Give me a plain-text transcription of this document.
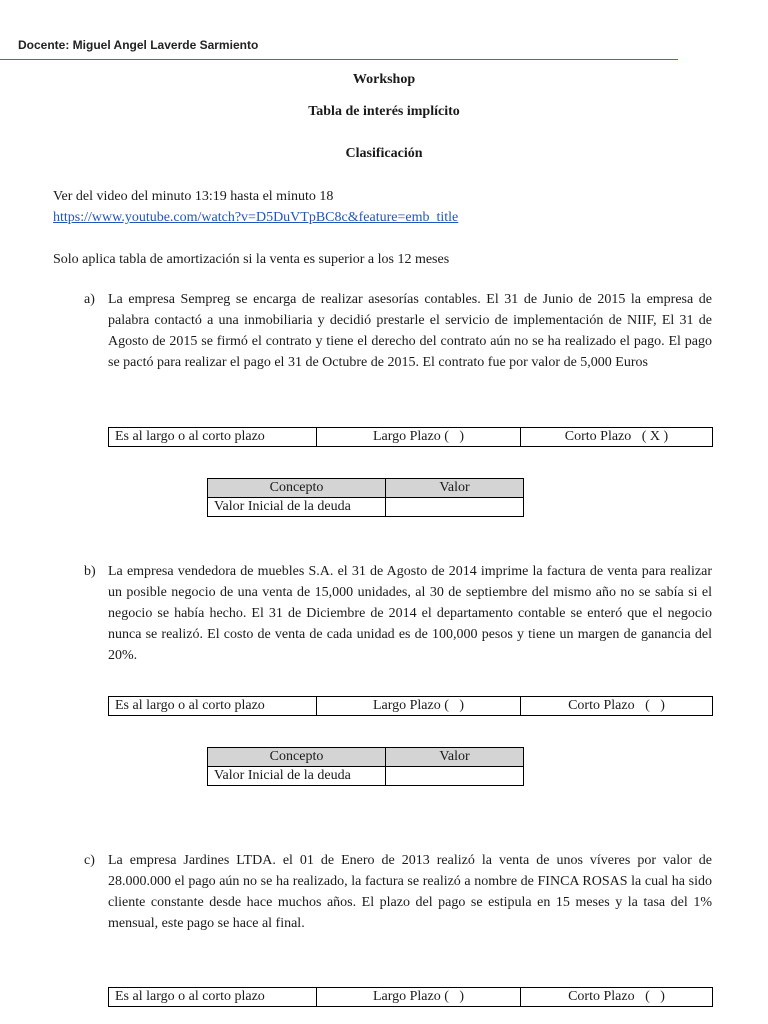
Docente: Miguel Angel Laverde Sarmiento
Workshop
Tabla de interés implícito
Clasificación
Ver del video del minuto 13:19 hasta el minuto 18
https://www.youtube.com/watch?v=D5DuVTpBC8c&feature=emb_title
Solo aplica tabla de amortización si la venta es superior a los 12 meses
a) La empresa Sempreg se encarga de realizar asesorías contables. El 31 de Junio de 2015 la empresa de palabra contactó a una inmobiliaria y decidió prestarle el servicio de implementación de NIIF, El 31 de Agosto de 2015 se firmó el contrato y tiene el derecho del contrato aún no se ha realizado el pago. El pago se pactó para realizar el pago el 31 de Octubre de 2015. El contrato fue por valor de 5,000 Euros
Es al largo o al corto plazo	Largo Plazo (   )	Corto Plazo   ( X )
Concepto	Valor
Valor Inicial de la deuda	
b) La empresa vendedora de muebles S.A. el 31 de Agosto de 2014 imprime la factura de venta para realizar un posible negocio de una venta de 15,000 unidades, al 30 de septiembre del mismo año no se sabía si el negocio se había hecho. El 31 de Diciembre de 2014 el departamento contable se enteró que el negocio nunca se realizó. El costo de venta de cada unidad es de 100,000 pesos y tiene un margen de ganancia del 20%.
Es al largo o al corto plazo	Largo Plazo (   )	Corto Plazo   (   )
Concepto	Valor
Valor Inicial de la deuda	
c) La empresa Jardines LTDA. el 01 de Enero de 2013 realizó la venta de unos víveres por valor de 28.000.000 el pago aún no se ha realizado, la factura se realizó a nombre de FINCA ROSAS la cual ha sido cliente constante desde hace muchos años. El plazo del pago se estipula en 15 meses y la tasa del 1% mensual, este pago se hace al final.
Es al largo o al corto plazo	Largo Plazo (   )	Corto Plazo   (   )
